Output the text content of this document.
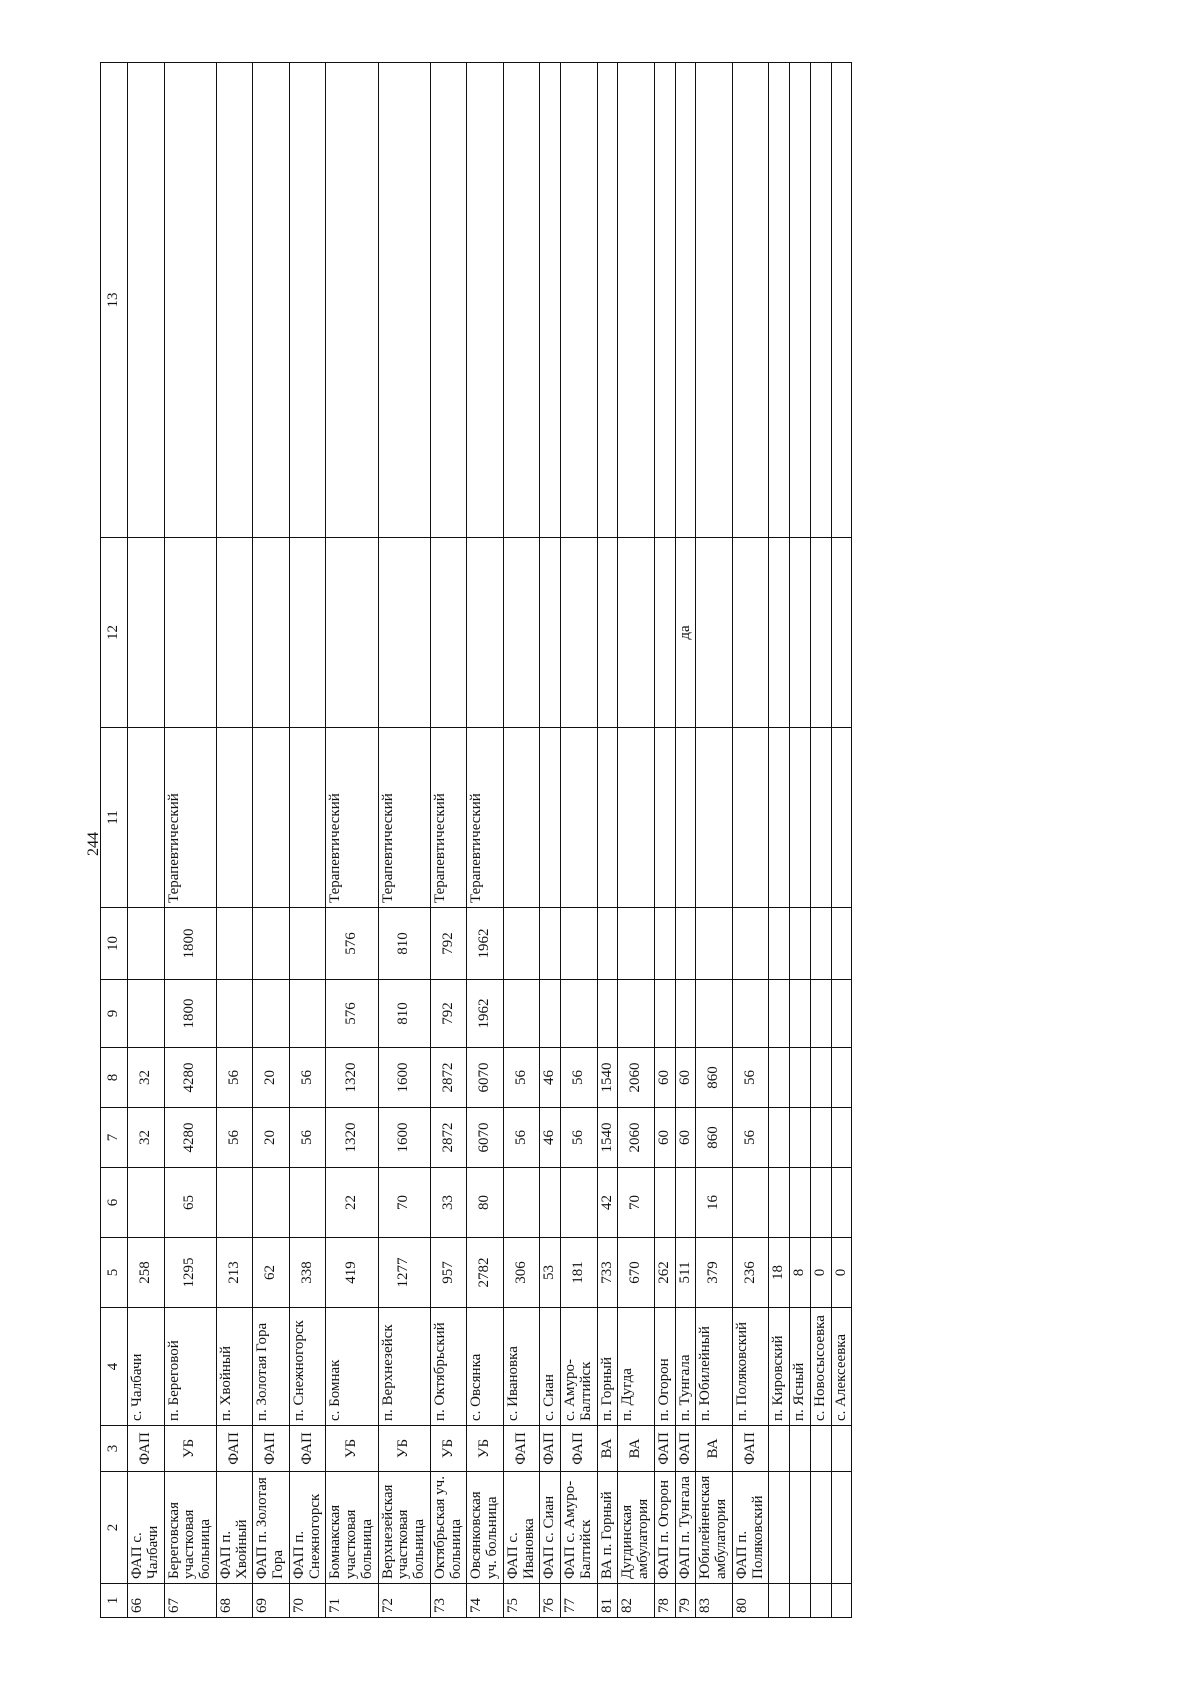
244
1	2	3	4	5	6	7	8	9	10	11	12	13
66	ФАП с. Чалбачи	ФАП	с. Чалбачи	258		32	32					
67	Береговская участковая больница	УБ	п. Береговой	1295	65	4280	4280	1800	1800	Терапевтический		
68	ФАП п. Хвойный	ФАП	п. Хвойный	213		56	56					
69	ФАП п. Золотая Гора	ФАП	п. Золотая Гора	62		20	20					
70	ФАП п. Снежногорск	ФАП	п. Снежногорск	338		56	56					
71	Бомнакская участковая больница	УБ	с. Бомнак	419	22	1320	1320	576	576	Терапевтический		
72	Верхнезейская участковая больница	УБ	п. Верхнезейск	1277	70	1600	1600	810	810	Терапевтический		
73	Октябрьская уч. больница	УБ	п. Октябрьский	957	33	2872	2872	792	792	Терапевтический		
74	Овсянковская уч. больница	УБ	с. Овсянка	2782	80	6070	6070	1962	1962	Терапевтический		
75	ФАП с. Ивановка	ФАП	с. Ивановка	306		56	56					
76	ФАП с. Сиан	ФАП	с. Сиан	53		46	46					
77	ФАП с. Амуро-Балтийск	ФАП	с. Амуро-Балтийск	181		56	56					
81	ВА п. Горный	ВА	п. Горный	733	42	1540	1540					
82	Дугдинская амбулатория	ВА	п. Дугда	670	70	2060	2060					
78	ФАП п. Огорон	ФАП	п. Огорон	262		60	60					
79	ФАП п. Тунгала	ФАП	п. Тунгала	511		60	60				да	
83	Юбилейненская амбулатория	ВА	п. Юбилейный	379	16	860	860					
80	ФАП п. Поляковский	ФАП	п. Поляковский	236		56	56					
			п. Кировский	18								
			п. Ясный	8								
			с. Новосысоевка	0								
			с. Алексеевка	0								
